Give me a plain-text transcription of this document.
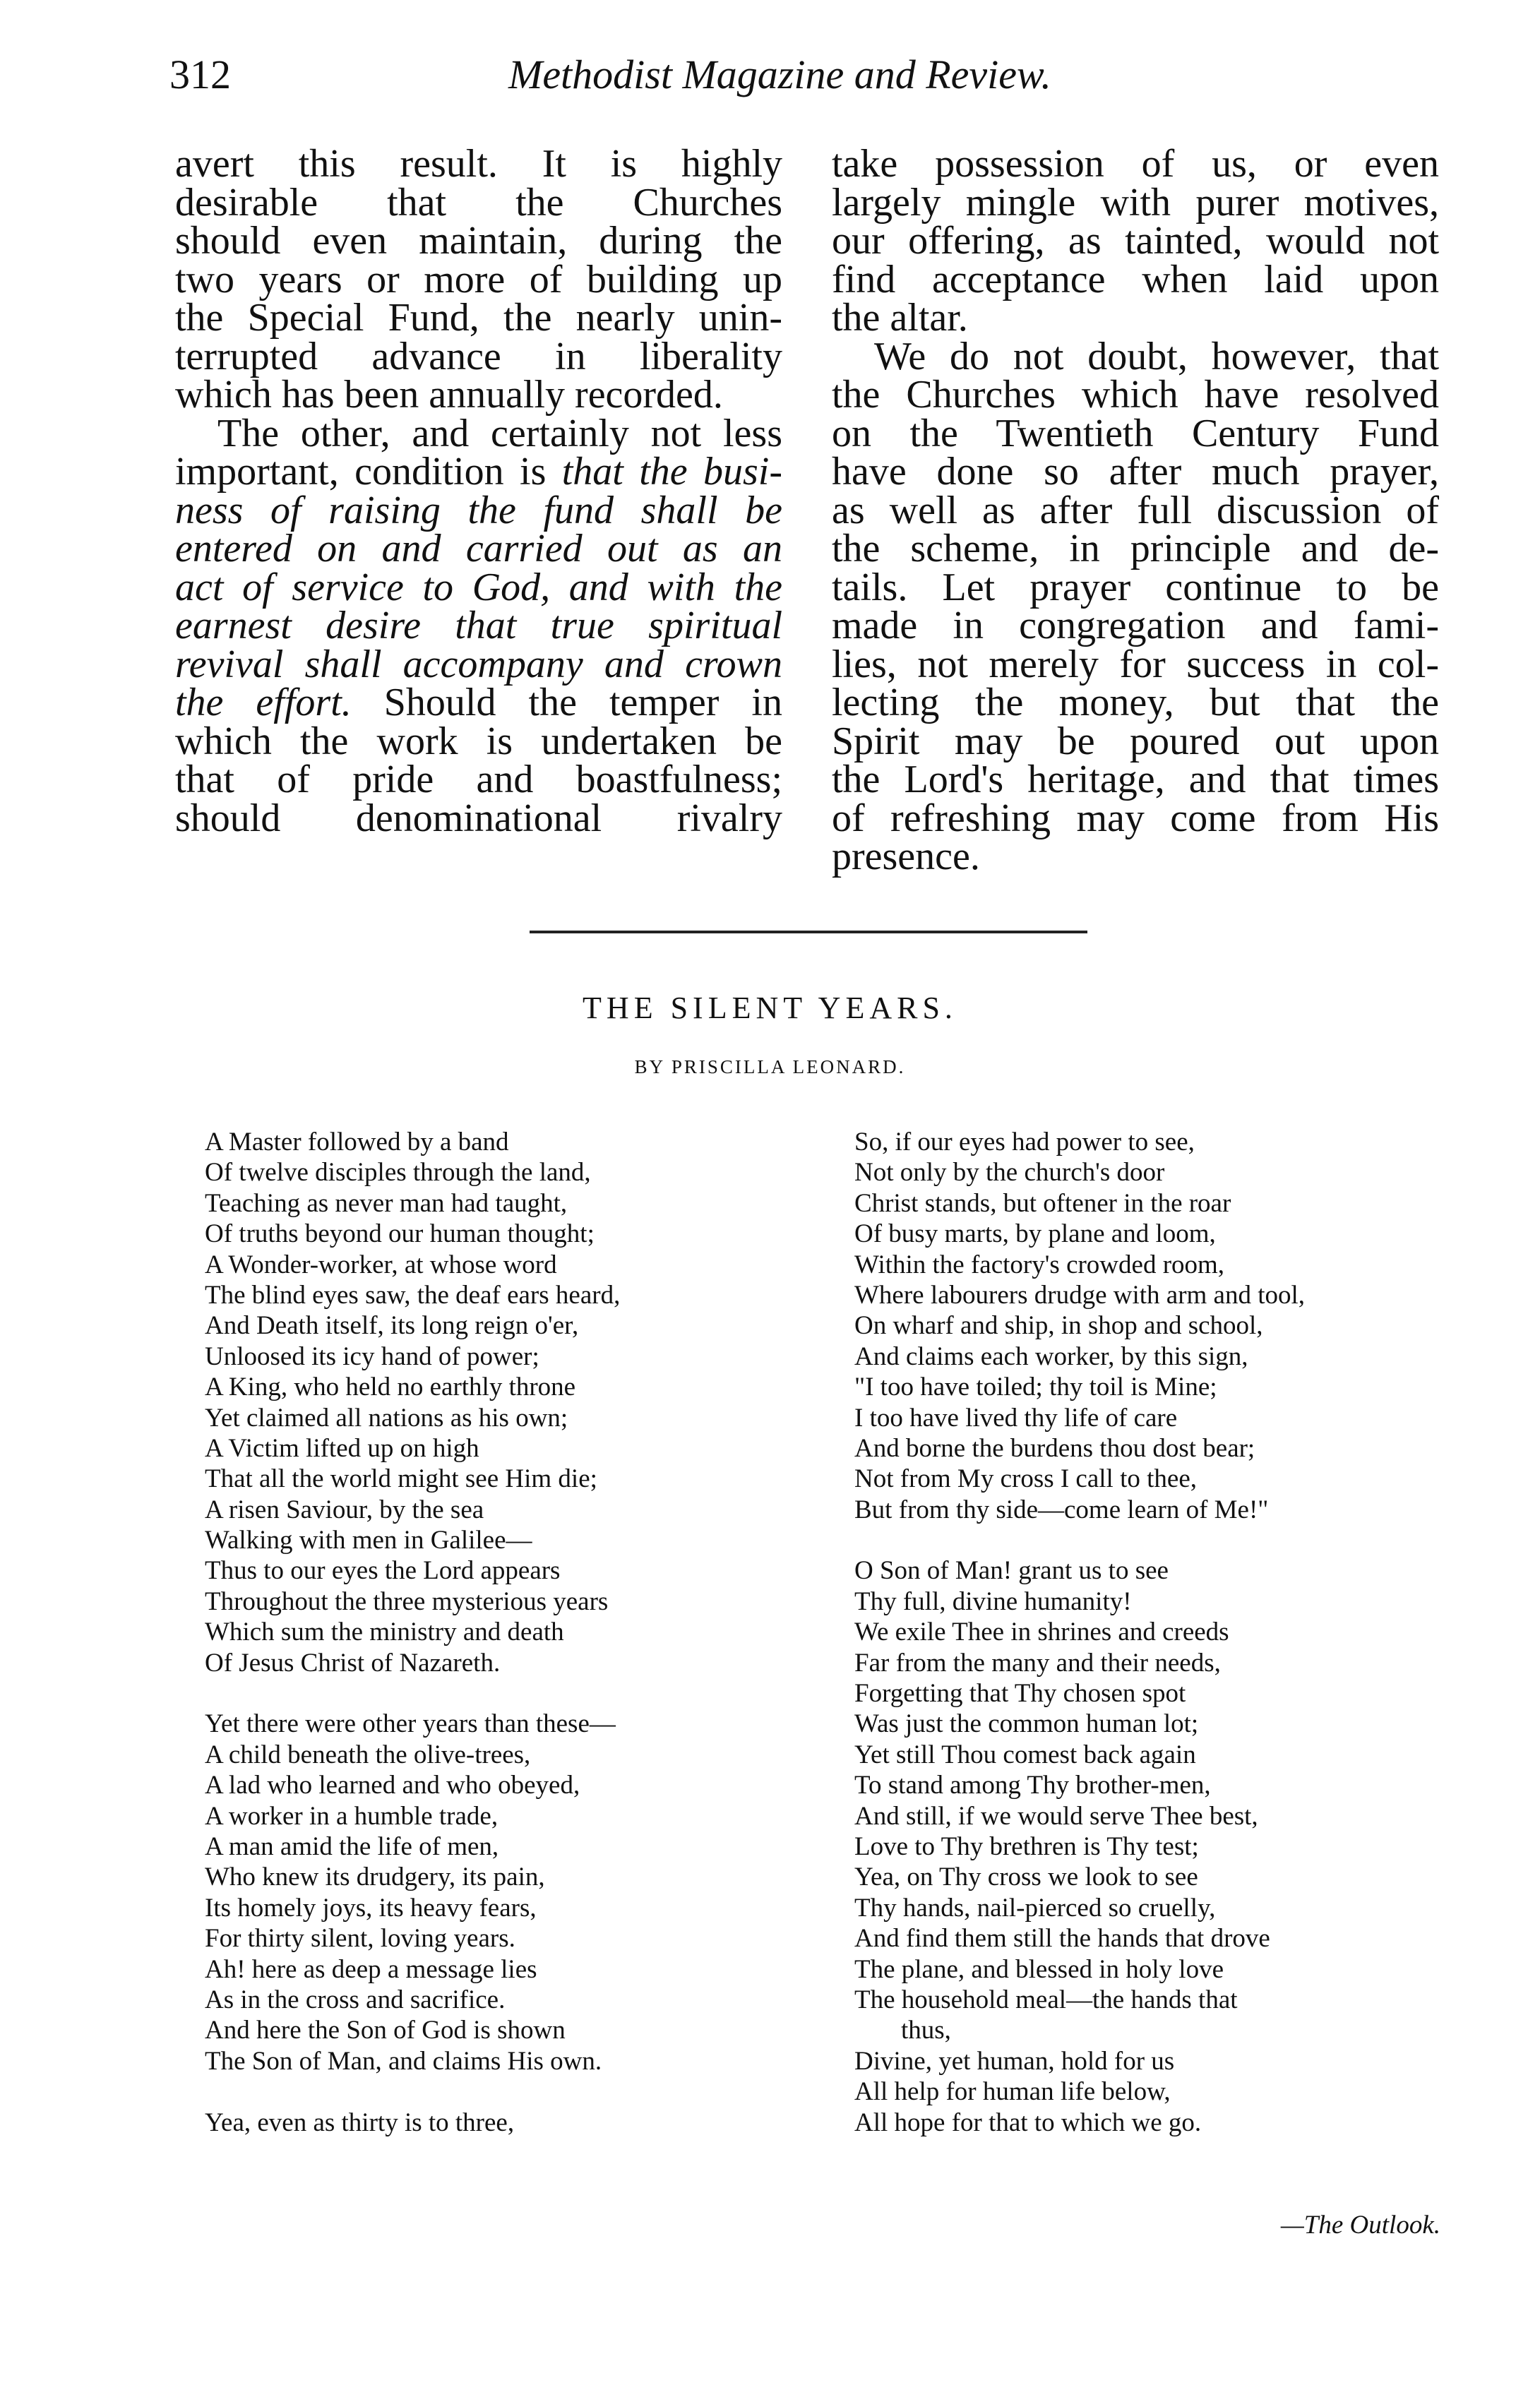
312	Methodist Magazine and Review.
avert this result. It is highly
desirable that the Churches
should even maintain, during the
two years or more of building up
the Special Fund, the nearly unin-
terrupted advance in liberality
which has been annually recorded.
The other, and certainly not less
important, condition is that the busi-
ness of raising the fund shall be
entered on and carried out as an
act of service to God, and with the
earnest desire that true spiritual
revival shall accompany and crown
the effort. Should the temper in
which the work is undertaken be
that of pride and boastfulness;
should denominational rivalry
take possession of us, or even
largely mingle with purer motives,
our offering, as tainted, would not
find acceptance when laid upon
the altar.
We do not doubt, however, that
the Churches which have resolved
on the Twentieth Century Fund
have done so after much prayer,
as well as after full discussion of
the scheme, in principle and de-
tails. Let prayer continue to be
made in congregation and fami-
lies, not merely for success in col-
lecting the money, but that the
Spirit may be poured out upon
the Lord's heritage, and that times
of refreshing may come from His
presence.
THE SILENT YEARS.
BY PRISCILLA LEONARD.
A Master followed by a band
Of twelve disciples through the land,
Teaching as never man had taught,
Of truths beyond our human thought;
A Wonder-worker, at whose word
The blind eyes saw, the deaf ears heard,
And Death itself, its long reign o'er,
Unloosed its icy hand of power;
A King, who held no earthly throne
Yet claimed all nations as his own;
A Victim lifted up on high
That all the world might see Him die;
A risen Saviour, by the sea
Walking with men in Galilee—
Thus to our eyes the Lord appears
Throughout the three mysterious years
Which sum the ministry and death
Of Jesus Christ of Nazareth.
Yet there were other years than these—
A child beneath the olive-trees,
A lad who learned and who obeyed,
A worker in a humble trade,
A man amid the life of men,
Who knew its drudgery, its pain,
Its homely joys, its heavy fears,
For thirty silent, loving years.
Ah! here as deep a message lies
As in the cross and sacrifice.
And here the Son of God is shown
The Son of Man, and claims His own.
Yea, even as thirty is to three,
So, if our eyes had power to see,
Not only by the church's door
Christ stands, but oftener in the roar
Of busy marts, by plane and loom,
Within the factory's crowded room,
Where labourers drudge with arm and tool,
On wharf and ship, in shop and school,
And claims each worker, by this sign,
"I too have toiled; thy toil is Mine;
I too have lived thy life of care
And borne the burdens thou dost bear;
Not from My cross I call to thee,
But from thy side—come learn of Me!"
O Son of Man! grant us to see
Thy full, divine humanity!
We exile Thee in shrines and creeds
Far from the many and their needs,
Forgetting that Thy chosen spot
Was just the common human lot;
Yet still Thou comest back again
To stand among Thy brother-men,
And still, if we would serve Thee best,
Love to Thy brethren is Thy test;
Yea, on Thy cross we look to see
Thy hands, nail-pierced so cruelly,
And find them still the hands that drove
The plane, and blessed in holy love
The household meal—the hands that
thus,
Divine, yet human, hold for us
All help for human life below,
All hope for that to which we go.
—The Outlook.
